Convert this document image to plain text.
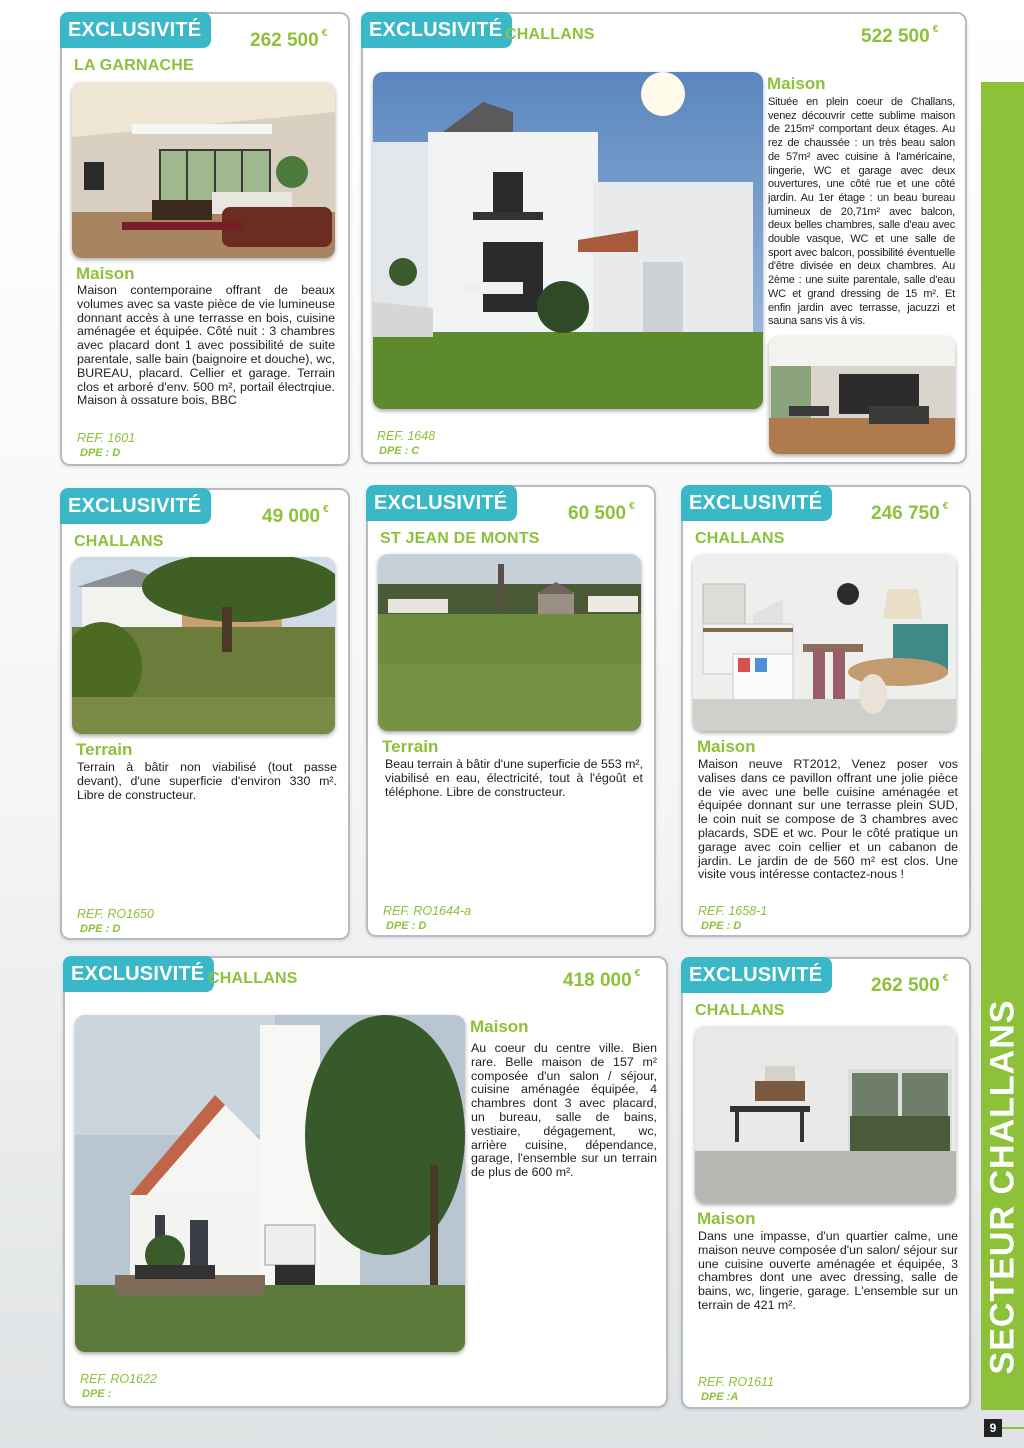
SECTEUR CHALLANS
9
EXCLUSIVITÉ	262 500 €
LA GARNACHE
Maison
Maison contemporaine offrant de beaux volumes avec sa vaste pièce de vie lumineuse donnant accès à une terrasse en bois, cuisine aménagée et équipée. Côté nuit : 3 chambres avec placard dont 1 avec possibilité de suite parentale, salle bain (baignoire et douche), wc, BUREAU, placard. Cellier et garage. Terrain clos et arboré d'env. 500 m², portail électrqiue. Maison à ossature bois, BBC
REF. 1601
DPE : D
EXCLUSIVITÉ CHALLANS	522 500 €
Maison
Située en plein coeur de Challans, venez découvrir cette sublime maison de 215m² comportant deux étages. Au rez de chaussée : un très beau salon de 57m² avec cuisine à l'américaine, lingerie, WC et garage avec deux ouvertures, une côté rue et une côté jardin. Au 1er étage : un beau bureau lumineux de 20,71m² avec balcon, deux belles chambres, salle d'eau avec double vasque, WC et une salle de sport avec balcon, possibilité éventuelle d'être divisée en deux chambres. Au 2ème : une suite parentale, salle d'eau WC et grand dressing de 15 m². Et enfin jardin avec terrasse, jacuzzi et sauna sans vis à vis.
REF. 1648
DPE : C
EXCLUSIVITÉ	49 000 €
CHALLANS
Terrain
Terrain à bâtir non viabilisé (tout passe devant), d'une superficie d'environ 330 m². Libre de constructeur.
REF. RO1650
DPE : D
EXCLUSIVITÉ	60 500 €
ST JEAN DE MONTS
Terrain
Beau terrain à bâtir d'une superficie de 553 m², viabilisé en eau, électricité, tout à l'égoût et téléphone. Libre de constructeur.
REF. RO1644-a
DPE : D
EXCLUSIVITÉ	246 750 €
CHALLANS
Maison
Maison neuve RT2012, Venez poser vos valises dans ce pavillon offrant une jolie pièce de vie avec une belle cuisine aménagée et équipée donnant sur une terrasse plein SUD, le coin nuit se compose de 3 chambres avec placards, SDE et wc. Pour le côté pratique un garage avec coin cellier et un cabanon de jardin. Le jardin de de 560 m² est clos. Une visite vous intéresse contactez-nous !
REF. 1658-1
DPE : D
EXCLUSIVITÉ CHALLANS	418 000 €
Maison
Au coeur du centre ville. Bien rare. Belle maison de 157 m² composée d'un salon / séjour, cuisine aménagée équipée, 4 chambres dont 3 avec placard, un bureau, salle de bains, vestiaire, dégagement, wc, arrière cuisine, dépendance, garage, l'ensemble sur un terrain de plus de 600 m².
REF. RO1622
DPE :
EXCLUSIVITÉ	262 500 €
CHALLANS
Maison
Dans une impasse, d'un quartier calme, une maison neuve composée d'un salon/ séjour sur une cuisine ouverte aménagée et équipée, 3 chambres dont une avec dressing, salle de bains, wc, lingerie, garage. L'ensemble sur un terrain de 421 m².
REF. RO1611
DPE :A
